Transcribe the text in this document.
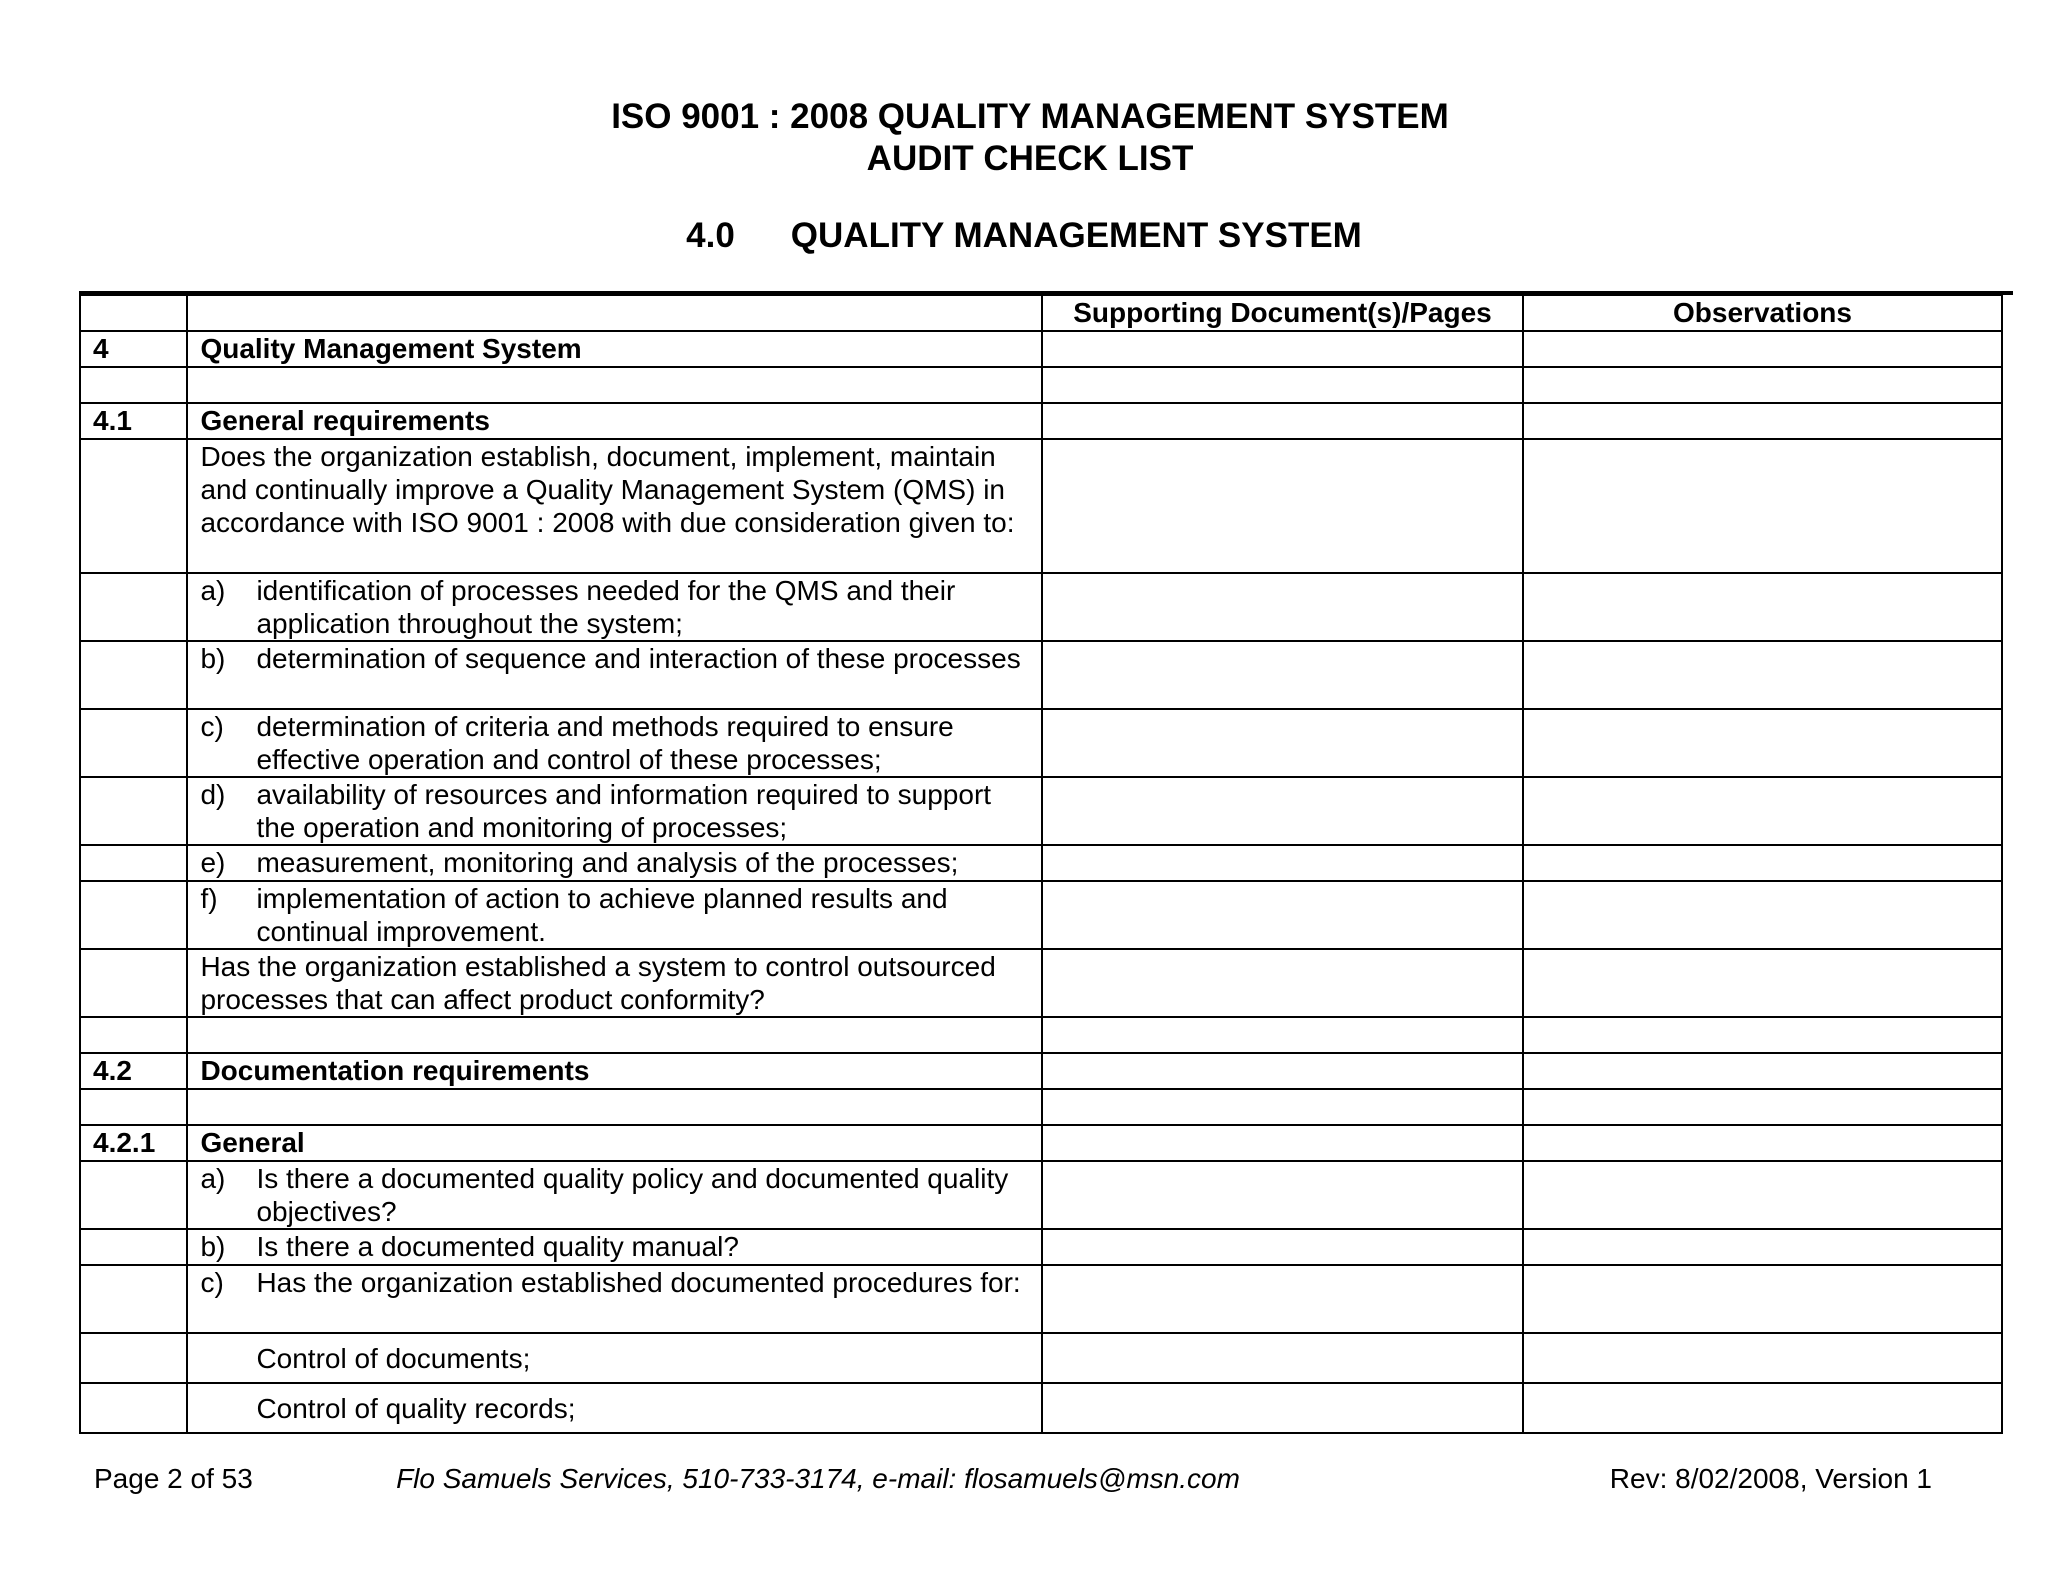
ISO 9001 : 2008 QUALITY MANAGEMENT SYSTEM
AUDIT CHECK LIST
4.0 QUALITY MANAGEMENT SYSTEM
		Supporting Document(s)/Pages	Observations
4	Quality Management System		

4.1	General requirements		
	Does the organization establish, document, implement, maintain and continually improve a Quality Management System (QMS) in accordance with ISO 9001 : 2008 with due consideration given to:		

	a) identification of processes needed for the QMS and their application throughout the system;		

	b) determination of sequence and interaction of these processes		

	c) determination of criteria and methods required to ensure effective operation and control of these processes;		

	d) availability of resources and information required to support the operation and monitoring of processes;		

	e) measurement, monitoring and analysis of the processes;		

	f) implementation of action to achieve planned results and continual improvement.		

	Has the organization established a system to control outsourced processes that can affect product conformity?		

4.2	Documentation requirements		

4.2.1	General		

	a) Is there a documented quality policy and documented quality objectives?		

	b) Is there a documented quality manual?		

	c) Has the organization established documented procedures for:		

	Control of documents;		

	Control of quality records;		

Page 2 of 53	Flo Samuels Services, 510-733-3174, e-mail: flosamuels@msn.com	Rev: 8/02/2008, Version 1
